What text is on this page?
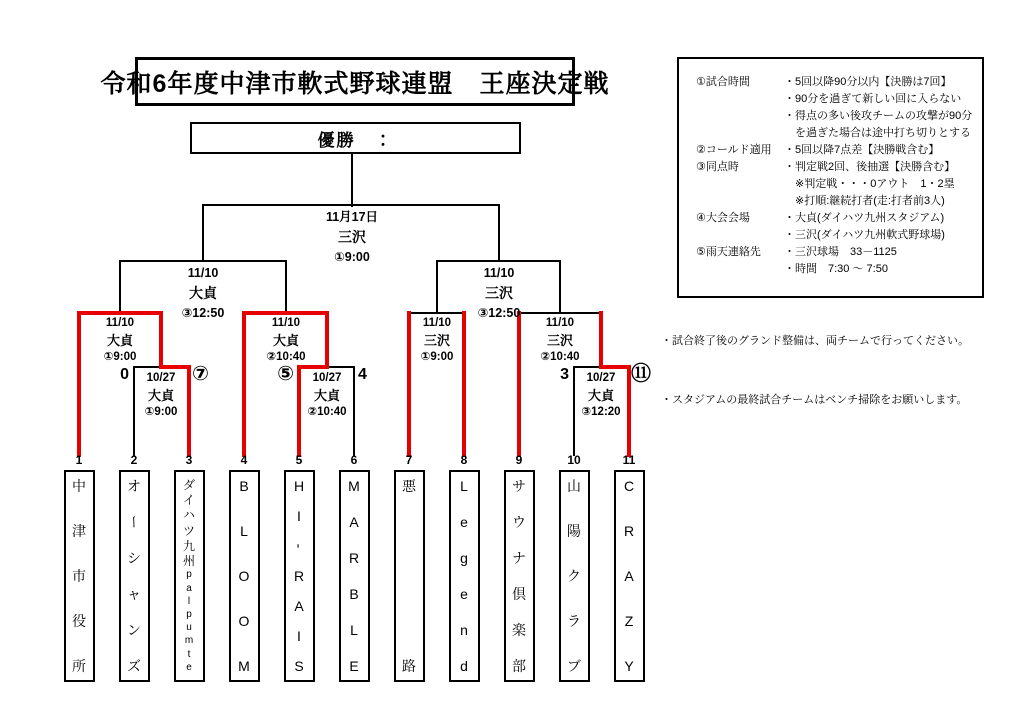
令和6年度中津市軟式野球連盟　王座決定戦
優勝　：
11月17日
三沢
①9:00
11/10
大貞
③12:50
11/10
三沢
③12:50
11/10
大貞
①9:00
11/10
大貞
②10:40
11/10
三沢
①9:00
11/10
三沢
②10:40
10/27
大貞
①9:00
10/27
大貞
②10:40
10/27
大貞
③12:20
0	⑦	⑤	4	3	⑪
1
中
津
市
役
所
2
オ
ー
シ
ャ
ン
ズ
3
ダ
イ
ハ
ツ
九
州
p
a
l
p
u
m
t
e
4
B
L
O
O
M
5
H
I
-
R
A
I
S
6
M
A
R
B
L
E
7
悪
路
8
L
e
g
e
n
d
9
サ
ウ
ナ
倶
楽
部
10
山
陽
ク
ラ
ブ
11
C
R
A
Z
Y
①試合時間	・5回以降90分以内【決勝は7回】
・90分を過ぎて新しい回に入らない
・得点の多い後攻チームの攻撃が90分
　を過ぎた場合は途中打ち切りとする
②コールド適用	・5回以降7点差【決勝戦含む】
③同点時	・判定戦2回、後抽選【決勝含む】
　※判定戦・・・0アウト　1・2塁
　※打順:継続打者(走:打者前3人)
④大会会場	・大貞(ダイハツ九州スタジアム)
・三沢(ダイハツ九州軟式野球場)
⑤雨天連絡先	・三沢球場　33－1125
・時間　7:30 ～ 7:50
・試合終了後のグランド整備は、両チームで行ってください。
・スタジアムの最終試合チームはベンチ掃除をお願いします。
